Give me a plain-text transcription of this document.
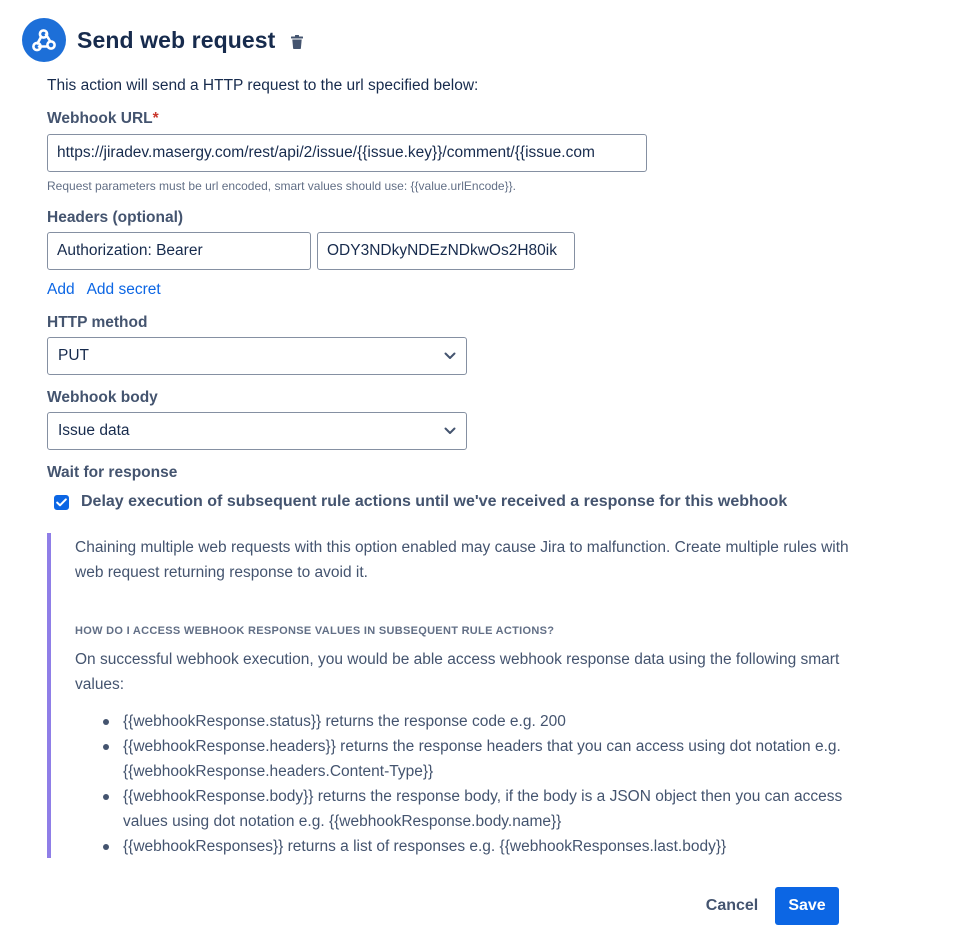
Send web request
This action will send a HTTP request to the url specified below:
Webhook URL*
https://jiradev.masergy.com/rest/api/2/issue/{{issue.key}}/comment/{{issue.com
Request parameters must be url encoded, smart values should use: {{value.urlEncode}}.
Headers (optional)
Authorization: Bearer
ODY3NDkyNDEzNDkwOs2H80ik
Add Add secret
HTTP method
PUT
Webhook body
Issue data
Wait for response
Delay execution of subsequent rule actions until we've received a response for this webhook

Chaining multiple web requests with this option enabled may cause Jira to malfunction. Create multiple rules with web request returning response to avoid it.

HOW DO I ACCESS WEBHOOK RESPONSE VALUES IN SUBSEQUENT RULE ACTIONS?

On successful webhook execution, you would be able access webhook response data using the following smart values:

{{webhookResponse.status}} returns the response code e.g. 200
{{webhookResponse.headers}} returns the response headers that you can access using dot notation e.g. {{webhookResponse.headers.Content-Type}}
{{webhookResponse.body}} returns the response body, if the body is a JSON object then you can access values using dot notation e.g. {{webhookResponse.body.name}}
{{webhookResponses}} returns a list of responses e.g. {{webhookResponses.last.body}}
Cancel	Save
